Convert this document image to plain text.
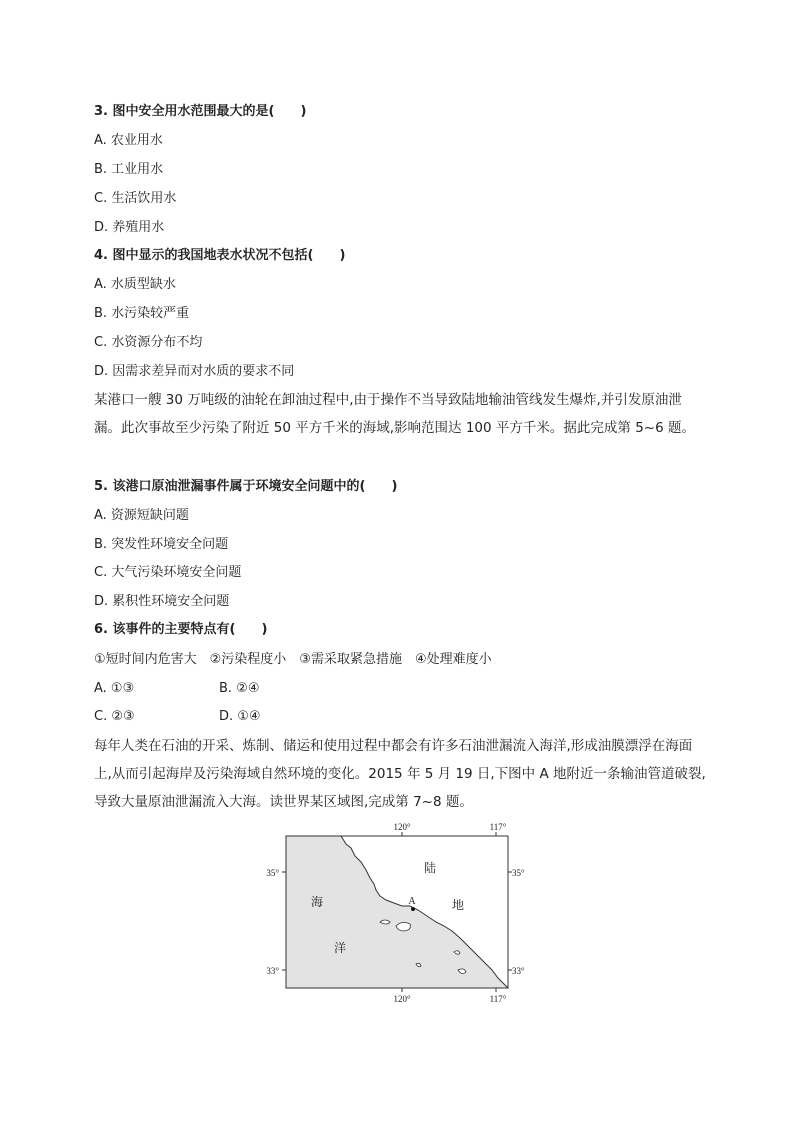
3. 图中安全用水范围最大的是(　　)
A. 农业用水
B. 工业用水
C. 生活饮用水
D. 养殖用水
4. 图中显示的我国地表水状况不包括(　　)
A. 水质型缺水
B. 水污染较严重
C. 水资源分布不均
D. 因需求差异而对水质的要求不同
某港口一艘 30 万吨级的油轮在卸油过程中,由于操作不当导致陆地输油管线发生爆炸,并引发原油泄漏。此次事故至少污染了附近 50 平方千米的海域,影响范围达 100 平方千米。据此完成第 5~6 题。
5. 该港口原油泄漏事件属于环境安全问题中的(　　)
A. 资源短缺问题
B. 突发性环境安全问题
C. 大气污染环境安全问题
D. 累积性环境安全问题
6. 该事件的主要特点有(　　)
①短时间内危害大　②污染程度小　③需采取紧急措施　④处理难度小
A. ①③	B. ②④
C. ②③	D. ①④
每年人类在石油的开采、炼制、储运和使用过程中都会有许多石油泄漏流入海洋,形成油膜漂浮在海面上,从而引起海岸及污染海域自然环境的变化。2015 年 5 月 19 日,下图中 A 地附近一条输油管道破裂,导致大量原油泄漏流入大海。读世界某区域图,完成第 7~8 题。
120°	117°
120°	117°
35°
33°
35°
33°
陆
地
海
洋
A
